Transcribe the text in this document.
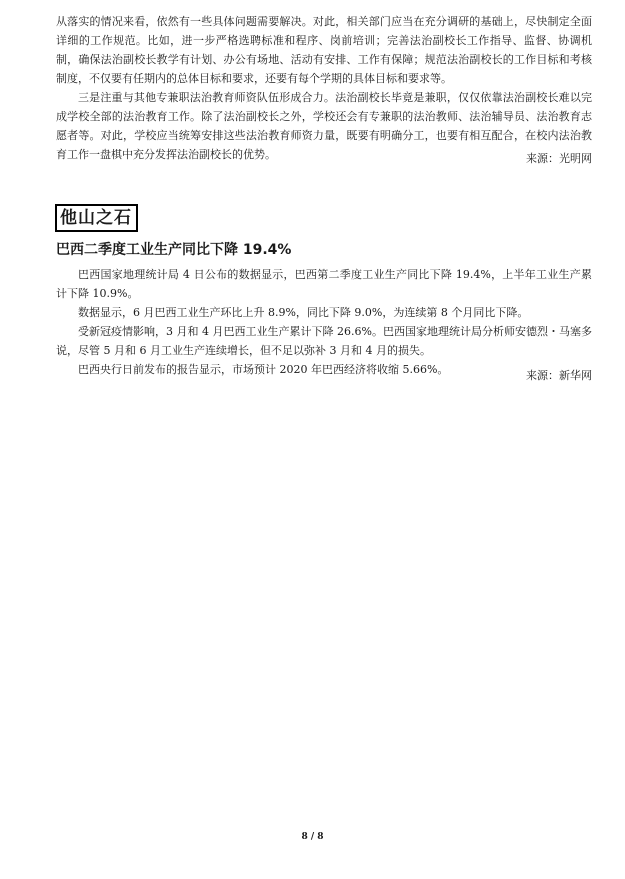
从落实的情况来看，依然有一些具体问题需要解决。对此，相关部门应当在充分调研的基础上，尽快制定全面详细的工作规范。比如，进一步严格选聘标准和程序、岗前培训；完善法治副校长工作指导、监督、协调机制，确保法治副校长教学有计划、办公有场地、活动有安排、工作有保障；规范法治副校长的工作目标和考核制度，不仅要有任期内的总体目标和要求，还要有每个学期的具体目标和要求等。

三是注重与其他专兼职法治教育师资队伍形成合力。法治副校长毕竟是兼职，仅仅依靠法治副校长难以完成学校全部的法治教育工作。除了法治副校长之外，学校还会有专兼职的法治教师、法治辅导员、法治教育志愿者等。对此，学校应当统筹安排这些法治教育师资力量，既要有明确分工，也要有相互配合，在校内法治教育工作一盘棋中充分发挥法治副校长的优势。	来源：光明网
他山之石
巴西二季度工业生产同比下降 19.4%

巴西国家地理统计局 4 日公布的数据显示，巴西第二季度工业生产同比下降 19.4%，上半年工业生产累计下降 10.9%。

数据显示，6 月巴西工业生产环比上升 8.9%，同比下降 9.0%，为连续第 8 个月同比下降。

受新冠疫情影响，3 月和 4 月巴西工业生产累计下降 26.6%。巴西国家地理统计局分析师安德烈・马塞多说，尽管 5 月和 6 月工业生产连续增长，但不足以弥补 3 月和 4 月的损失。

巴西央行日前发布的报告显示，市场预计 2020 年巴西经济将收缩 5.66%。	来源：新华网
8 / 8
